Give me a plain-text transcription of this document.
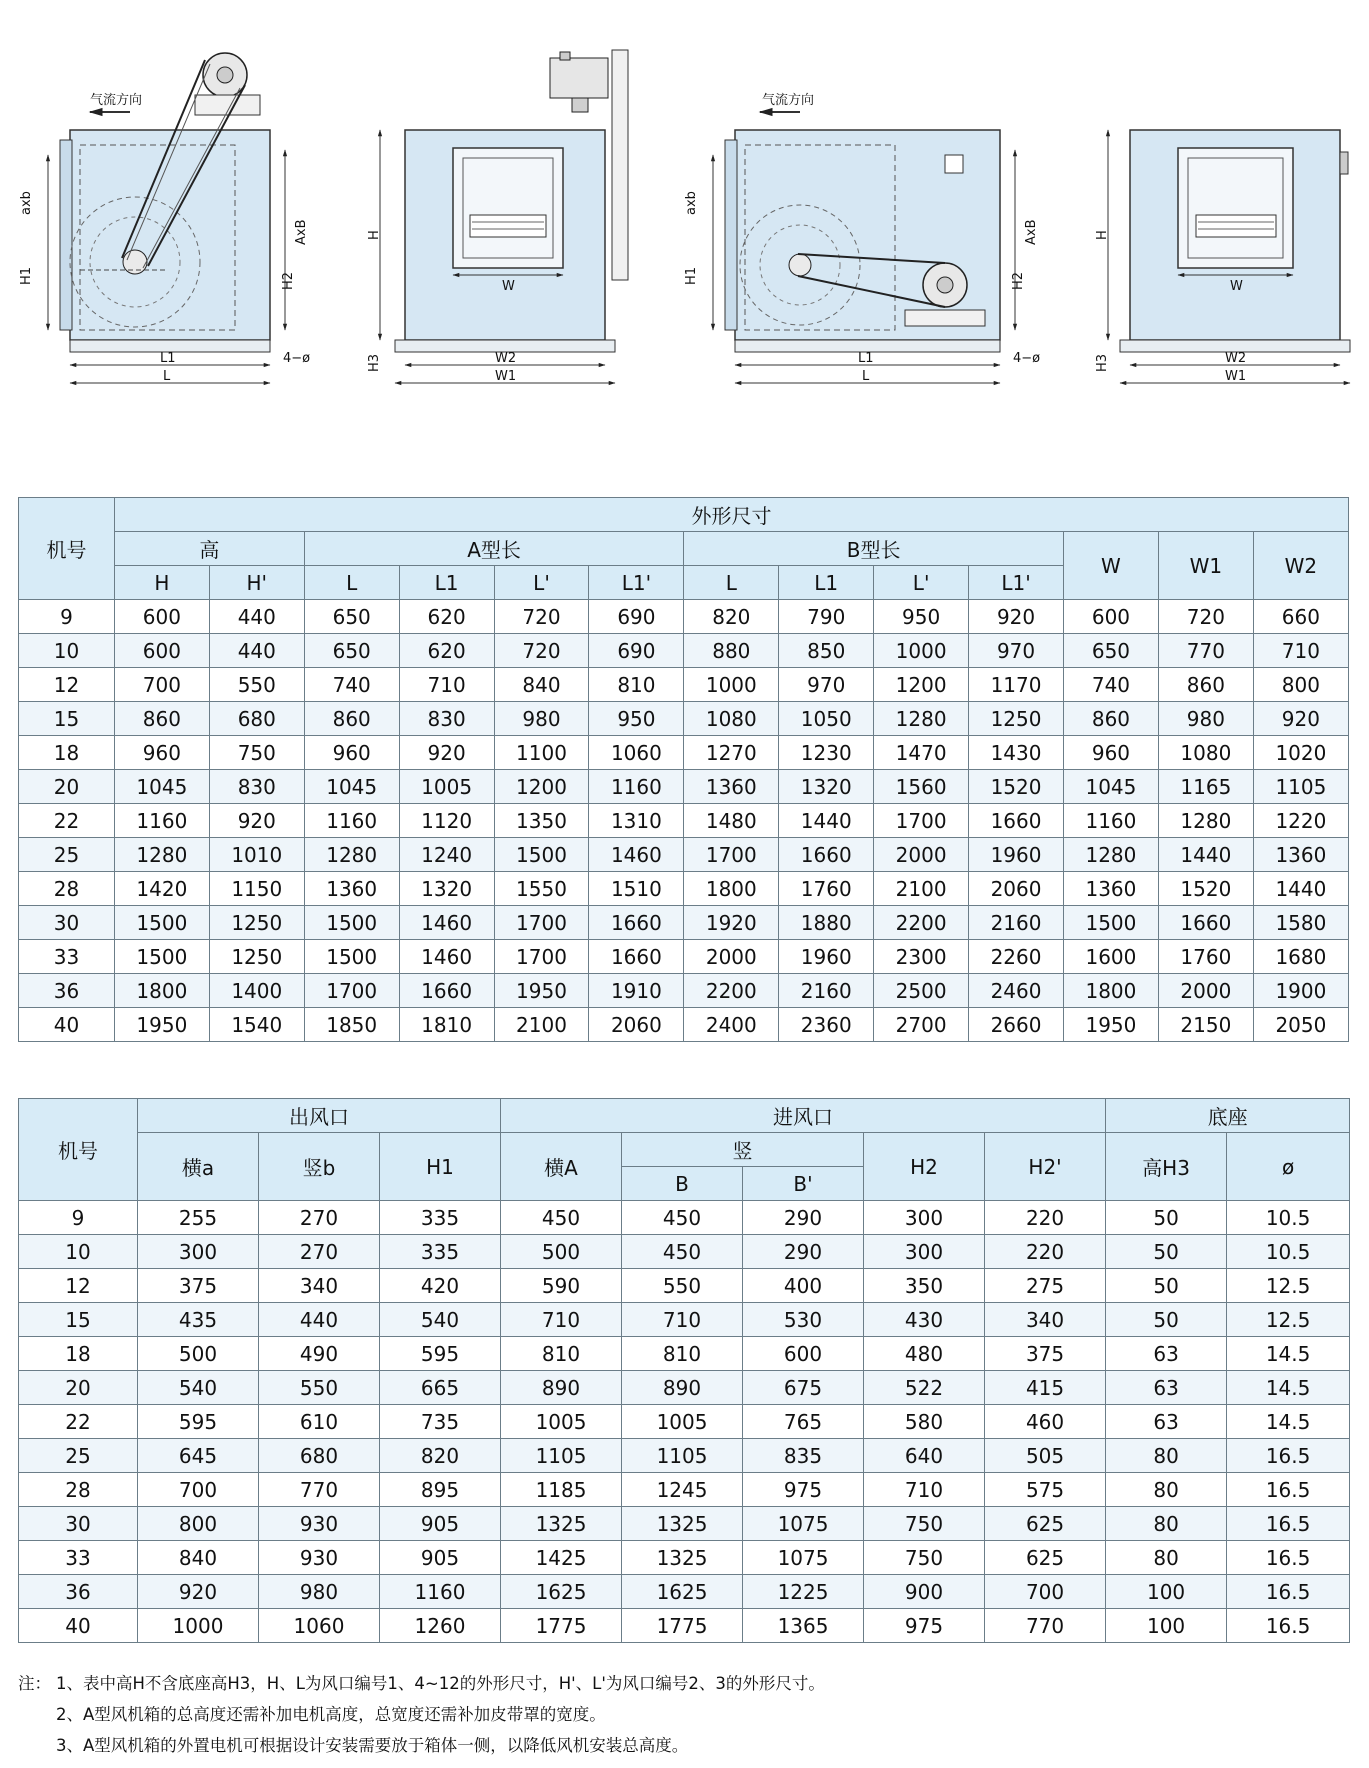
气流方向
axb
H1
AxB
H2
L1
L
4−ø
H
W
H3	W2
W1
气流方向
axb
H1
AxB
H2
L1
L
4−ø
H
W
H3	W2
W1
机号	外形尺寸												
	高		A型长				B型长				W	W1	W2
	H	H'	L	L1	L'	L1'	L	L1	L'	L1'			
9	600	440	650	620	720	690	820	790	950	920	600	720	660
10	600	440	650	620	720	690	880	850	1000	970	650	770	710
12	700	550	740	710	840	810	1000	970	1200	1170	740	860	800
15	860	680	860	830	980	950	1080	1050	1280	1250	860	980	920
18	960	750	960	920	1100	1060	1270	1230	1470	1430	960	1080	1020
20	1045	830	1045	1005	1200	1160	1360	1320	1560	1520	1045	1165	1105
22	1160	920	1160	1120	1350	1310	1480	1440	1700	1660	1160	1280	1220
25	1280	1010	1280	1240	1500	1460	1700	1660	2000	1960	1280	1440	1360
28	1420	1150	1360	1320	1550	1510	1800	1760	2100	2060	1360	1520	1440
30	1500	1250	1500	1460	1700	1660	1920	1880	2200	2160	1500	1660	1580
33	1500	1250	1500	1460	1700	1660	2000	1960	2300	2260	1600	1760	1680
36	1800	1400	1700	1660	1950	1910	2200	2160	2500	2460	1800	2000	1900
40	1950	1540	1850	1810	2100	2060	2400	2360	2700	2660	1950	2150	2050
机号	出风口			进风口					底座	
	横a	竖b	H1	横A	竖		H2	H2'	高H3	ø
					B	B'				
9	255	270	335	450	450	290	300	220	50	10.5
10	300	270	335	500	450	290	300	220	50	10.5
12	375	340	420	590	550	400	350	275	50	12.5
15	435	440	540	710	710	530	430	340	50	12.5
18	500	490	595	810	810	600	480	375	63	14.5
20	540	550	665	890	890	675	522	415	63	14.5
22	595	610	735	1005	1005	765	580	460	63	14.5
25	645	680	820	1105	1105	835	640	505	80	16.5
28	700	770	895	1185	1245	975	710	575	80	16.5
30	800	930	905	1325	1325	1075	750	625	80	16.5
33	840	930	905	1425	1325	1075	750	625	80	16.5
36	920	980	1160	1625	1625	1225	900	700	100	16.5
40	1000	1060	1260	1775	1775	1365	975	770	100	16.5
注： 1、表中高H不含底座高H3，H、L为风口编号1、4~12的外形尺寸，H'、L'为风口编号2、3的外形尺寸。
2、A型风机箱的总高度还需补加电机高度，总宽度还需补加皮带罩的宽度。
3、A型风机箱的外置电机可根据设计安装需要放于箱体一侧，以降低风机安装总高度。
